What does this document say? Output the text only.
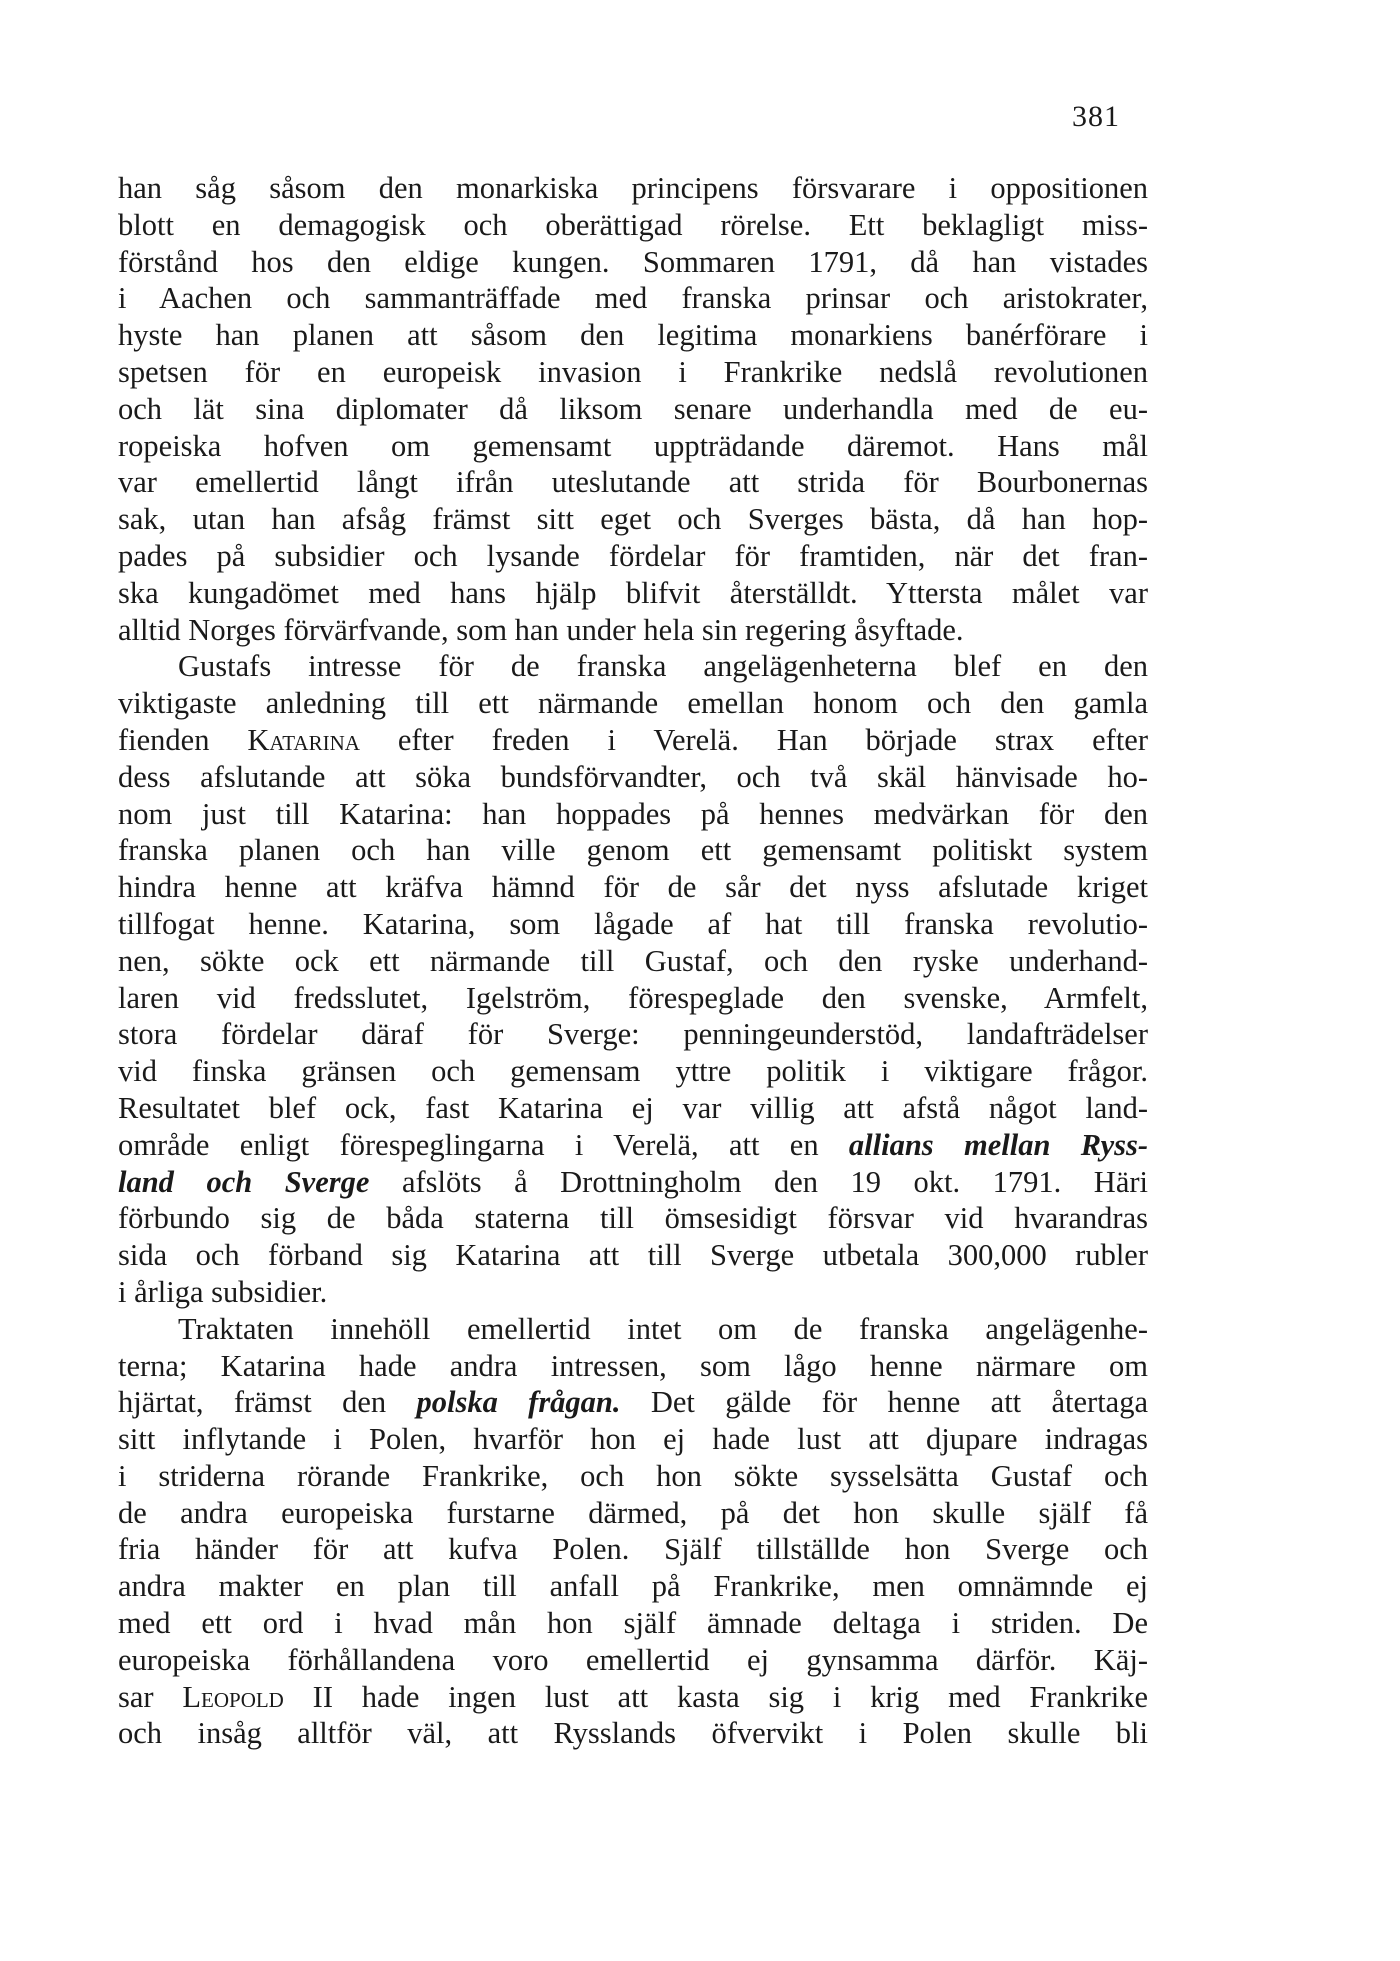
381
han såg såsom den monarkiska principens försvarare i oppositionen
blott en demagogisk och oberättigad rörelse. Ett beklagligt miss-
förstånd hos den eldige kungen. Sommaren 1791, då han vistades
i Aachen och sammanträffade med franska prinsar och aristokrater,
hyste han planen att såsom den legitima monarkiens banérförare i
spetsen för en europeisk invasion i Frankrike nedslå revolutionen
och lät sina diplomater då liksom senare underhandla med de eu-
ropeiska hofven om gemensamt uppträdande däremot. Hans mål
var emellertid långt ifrån uteslutande att strida för Bourbonernas
sak, utan han afsåg främst sitt eget och Sverges bästa, då han hop-
pades på subsidier och lysande fördelar för framtiden, när det fran-
ska kungadömet med hans hjälp blifvit återställdt. Yttersta målet var
alltid Norges förvärfvande, som han under hela sin regering åsyftade.
Gustafs intresse för de franska angelägenheterna blef en den
viktigaste anledning till ett närmande emellan honom och den gamla
fienden Katarina efter freden i Verelä. Han började strax efter
dess afslutande att söka bundsförvandter, och två skäl hänvisade ho-
nom just till Katarina: han hoppades på hennes medvärkan för den
franska planen och han ville genom ett gemensamt politiskt system
hindra henne att kräfva hämnd för de sår det nyss afslutade kriget
tillfogat henne. Katarina, som lågade af hat till franska revolutio-
nen, sökte ock ett närmande till Gustaf, och den ryske underhand-
laren vid fredsslutet, Igelström, förespeglade den svenske, Armfelt,
stora fördelar däraf för Sverge: penningeunderstöd, landafträdelser
vid finska gränsen och gemensam yttre politik i viktigare frågor.
Resultatet blef ock, fast Katarina ej var villig att afstå något land-
område enligt förespeglingarna i Verelä, att en allians mellan Ryss-
land och Sverge afslöts å Drottningholm den 19 okt. 1791. Häri
förbundo sig de båda staterna till ömsesidigt försvar vid hvarandras
sida och förband sig Katarina att till Sverge utbetala 300,000 rubler
i årliga subsidier.
Traktaten innehöll emellertid intet om de franska angelägenhe-
terna; Katarina hade andra intressen, som lågo henne närmare om
hjärtat, främst den polska frågan. Det gälde för henne att återtaga
sitt inflytande i Polen, hvarför hon ej hade lust att djupare indragas
i striderna rörande Frankrike, och hon sökte sysselsätta Gustaf och
de andra europeiska furstarne därmed, på det hon skulle själf få
fria händer för att kufva Polen. Själf tillställde hon Sverge och
andra makter en plan till anfall på Frankrike, men omnämnde ej
med ett ord i hvad mån hon själf ämnade deltaga i striden. De
europeiska förhållandena voro emellertid ej gynsamma därför. Käj-
sar Leopold II hade ingen lust att kasta sig i krig med Frankrike
och insåg alltför väl, att Rysslands öfvervikt i Polen skulle bli
